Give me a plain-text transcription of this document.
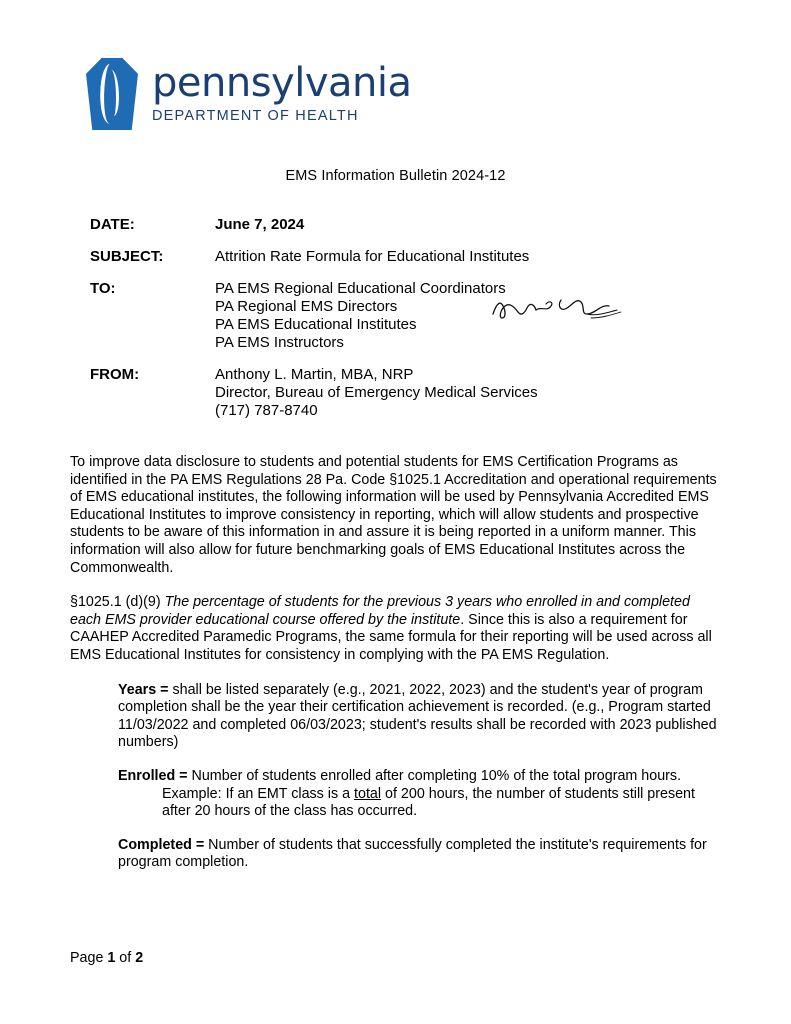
pennsylvania
DEPARTMENT OF HEALTH
EMS Information Bulletin 2024-12
DATE:	June 7, 2024
SUBJECT:	Attrition Rate Formula for Educational Institutes
TO:	PA EMS Regional Educational Coordinators
PA Regional EMS Directors
PA EMS Educational Institutes
PA EMS Instructors
FROM:	Anthony L. Martin, MBA, NRP
Director, Bureau of Emergency Medical Services
(717) 787-8740

To improve data disclosure to students and potential students for EMS Certification Programs as identified in the PA EMS Regulations 28 Pa. Code §1025.1 Accreditation and operational requirements of EMS educational institutes, the following information will be used by Pennsylvania Accredited EMS Educational Institutes to improve consistency in reporting, which will allow students and prospective students to be aware of this information in and assure it is being reported in a uniform manner. This information will also allow for future benchmarking goals of EMS Educational Institutes across the Commonwealth.

§1025.1 (d)(9) The percentage of students for the previous 3 years who enrolled in and completed each EMS provider educational course offered by the institute. Since this is also a requirement for CAAHEP Accredited Paramedic Programs, the same formula for their reporting will be used across all EMS Educational Institutes for consistency in complying with the PA EMS Regulation.

Years = shall be listed separately (e.g., 2021, 2022, 2023) and the student's year of program completion shall be the year their certification achievement is recorded. (e.g., Program started 11/03/2022 and completed 06/03/2023; student's results shall be recorded with 2023 published numbers)
Enrolled = Number of students enrolled after completing 10% of the total program hours.
Example: If an EMT class is a total of 200 hours, the number of students still present after 20 hours of the class has occurred.
Completed = Number of students that successfully completed the institute's requirements for program completion.
Page 1 of 2
